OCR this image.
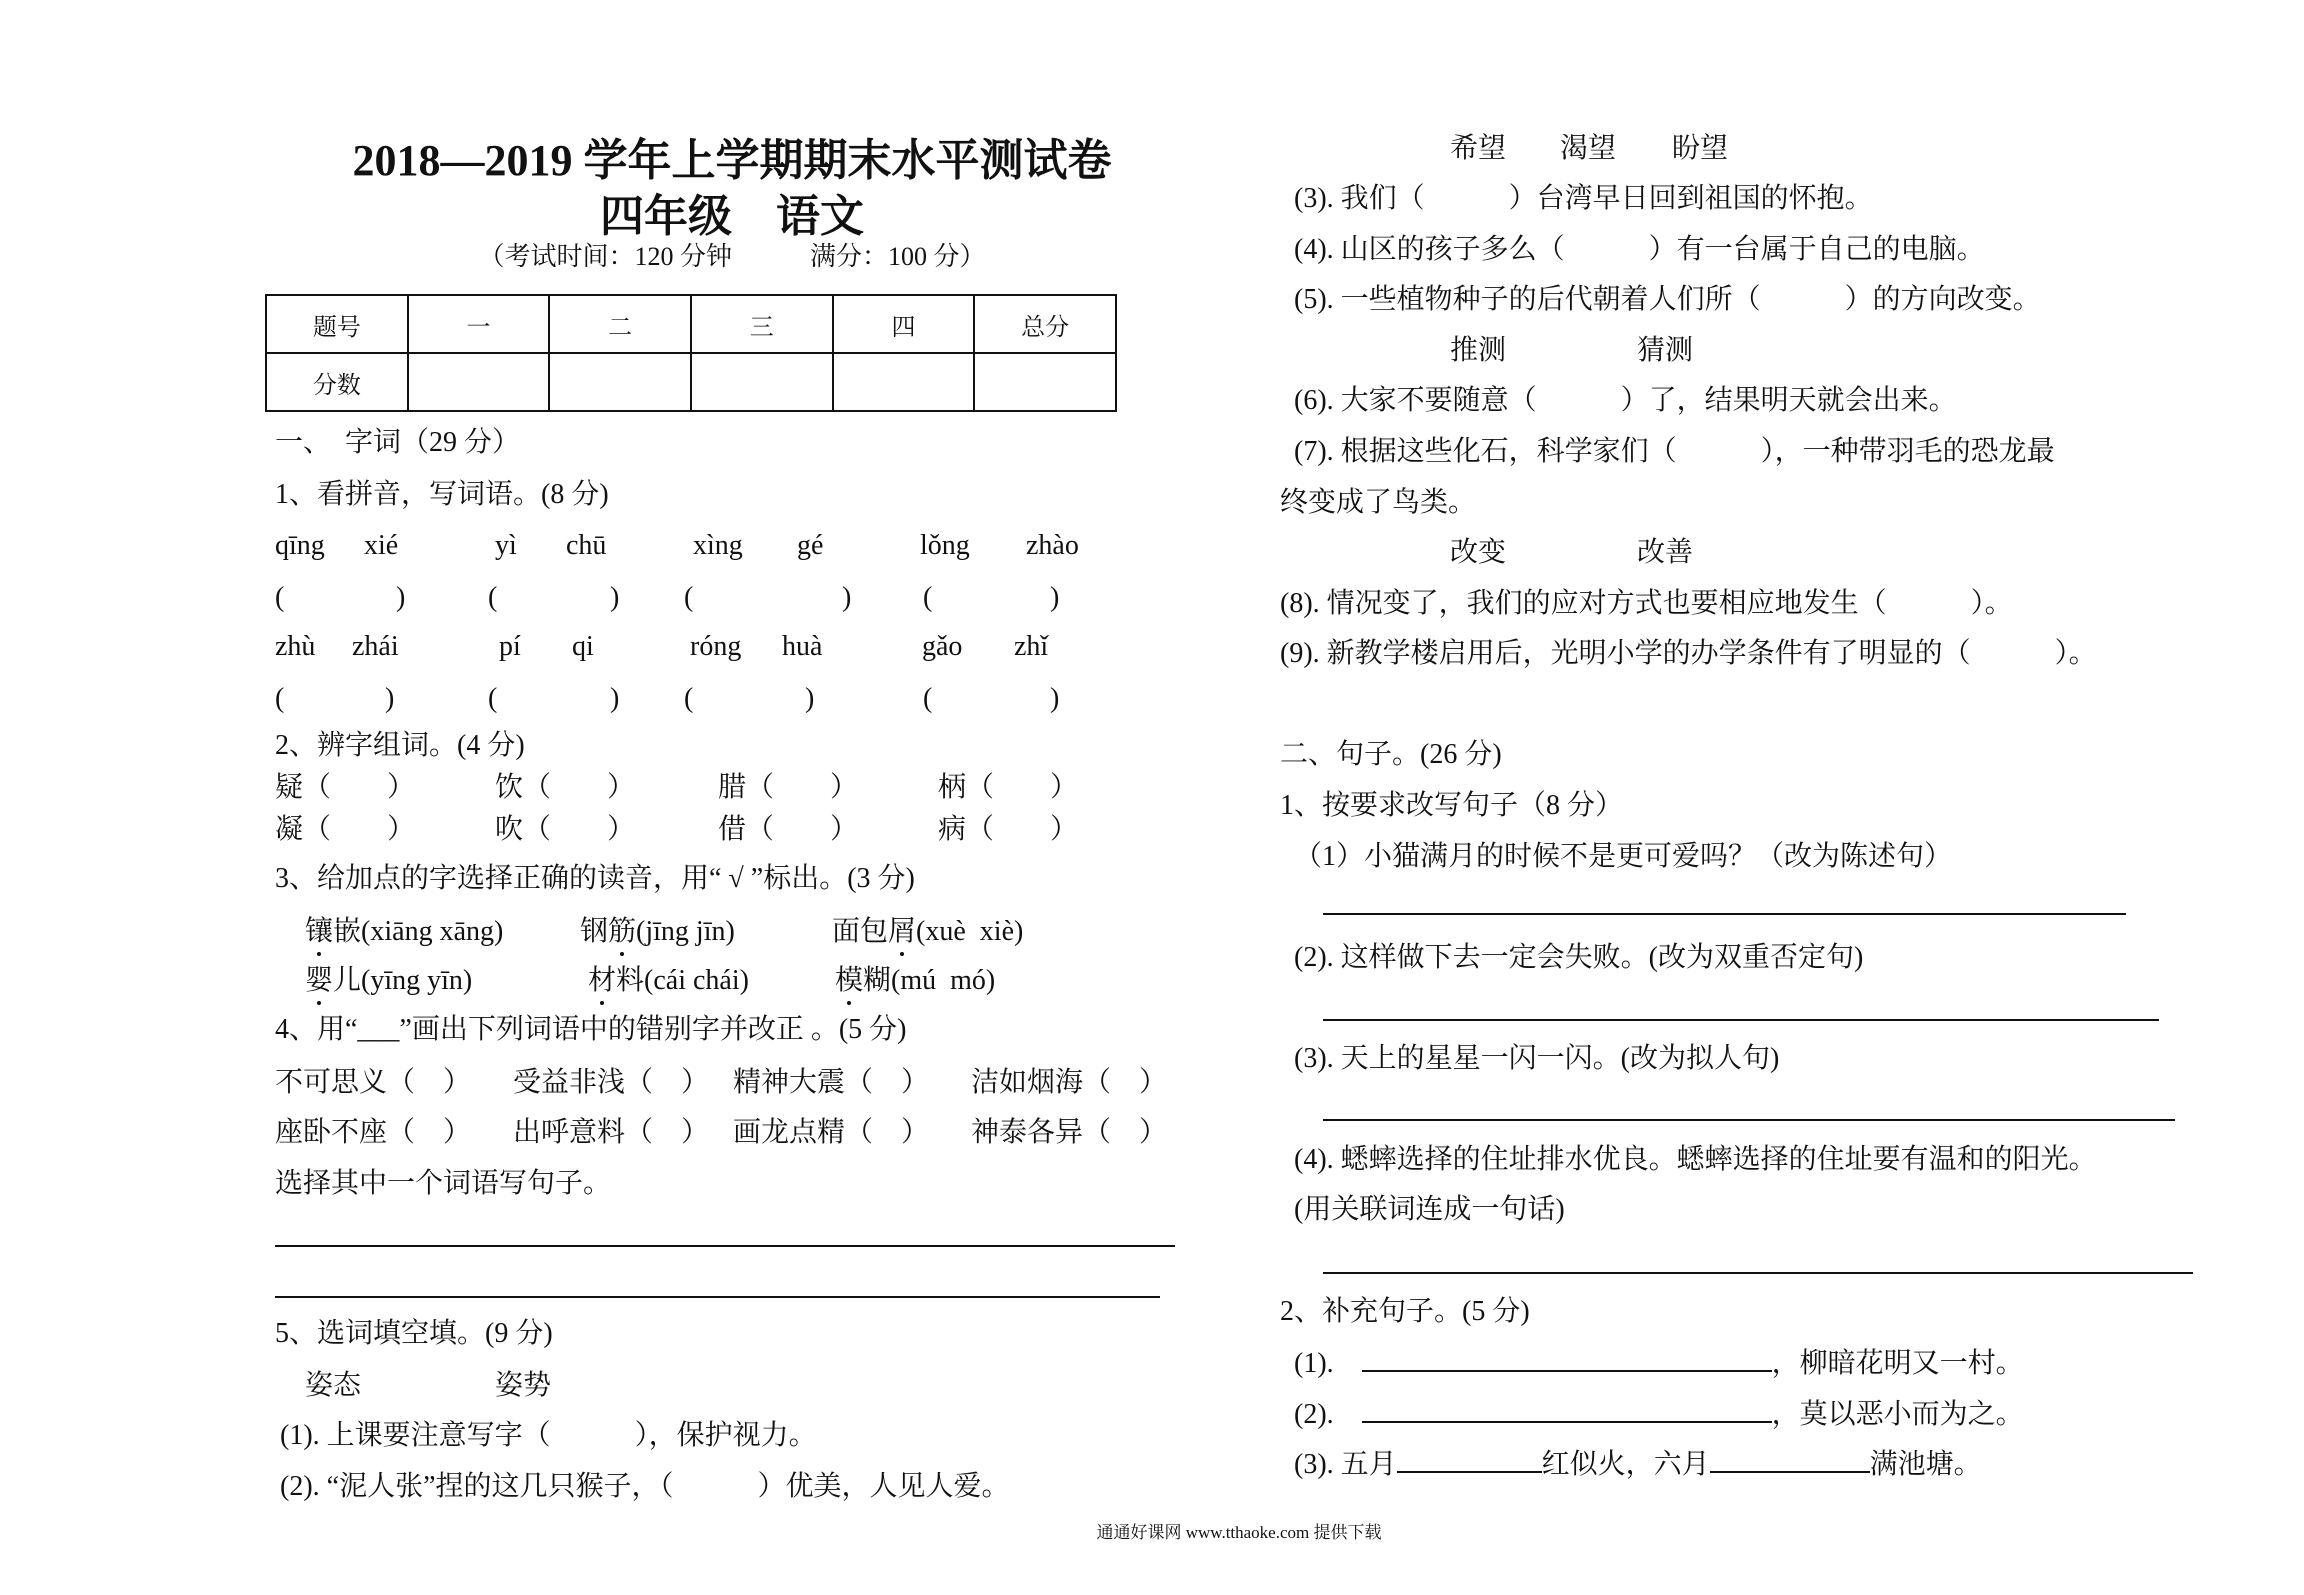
2018—2019 学年上学期期末水平测试卷
四年级　语文
（考试时间：120 分钟　　　满分：100 分）
题号	一	二	三	四	总分
分数					
一、　字词（29 分）
1、看拼音，写词语。(8 分)
qīng xié	yì chū	xìng gé	lǒng zhào
(	)	(	) (	)	(	)
zhù zhái	pí qi	róng huà	gǎo zhǐ
(	)	(	) (	)	(	)
2、辨字组词。(4 分)
疑（　　）	饮（　　）	腊（　　）	柄（　　）
凝（　　）	吹（　　）	借（　　）	病（　　）
3、给加点的字选择正确的读音，用“ √ ”标出。(3 分)
镶嵌(xiāng xāng)	钢筋(jīng jīn)	面包屑(xuè  xiè)
婴儿(yīng yīn)	材料(cái chái)	模糊(mú  mó)
4、用“___”画出下列词语中的错别字并改正 。(5 分)
不可思义（　） 受益非浅（　） 精神大震（　） 洁如烟海（　）
座卧不座（　） 出呼意料（　） 画龙点精（　） 神泰各异（　）
选择其中一个词语写句子。
5、选词填空填。(9 分)
姿态	姿势
(1). 上课要注意写字（　　　），保护视力。
(2). “泥人张”捏的这几只猴子，（　　　）优美，人见人爱。
希望 渴望 盼望
(3). 我们（　　　）台湾早日回到祖国的怀抱。
(4). 山区的孩子多么（　　　）有一台属于自己的电脑。
(5). 一些植物种子的后代朝着人们所（　　　）的方向改变。
推测	猜测
(6). 大家不要随意（　　　）了，结果明天就会出来。
(7). 根据这些化石，科学家们（　　　），一种带羽毛的恐龙最
终变成了鸟类。
改变	改善
(8). 情况变了，我们的应对方式也要相应地发生（　　　）。
(9). 新教学楼启用后，光明小学的办学条件有了明显的（　　　）。
二、句子。(26 分)
1、按要求改写句子（8 分）
（1）小猫满月的时候不是更可爱吗？（改为陈述句）
(2). 这样做下去一定会失败。(改为双重否定句)
(3). 天上的星星一闪一闪。(改为拟人句)
(4). 蟋蟀选择的住址排水优良。蟋蟀选择的住址要有温和的阳光。
(用关联词连成一句话)
2、补充句子。(5 分)
(1).　	，柳暗花明又一村。
(2).　	，莫以恶小而为之。
(3). 五月	红似火，六月	满池塘。
通通好课网 www.tthaoke.com 提供下载
